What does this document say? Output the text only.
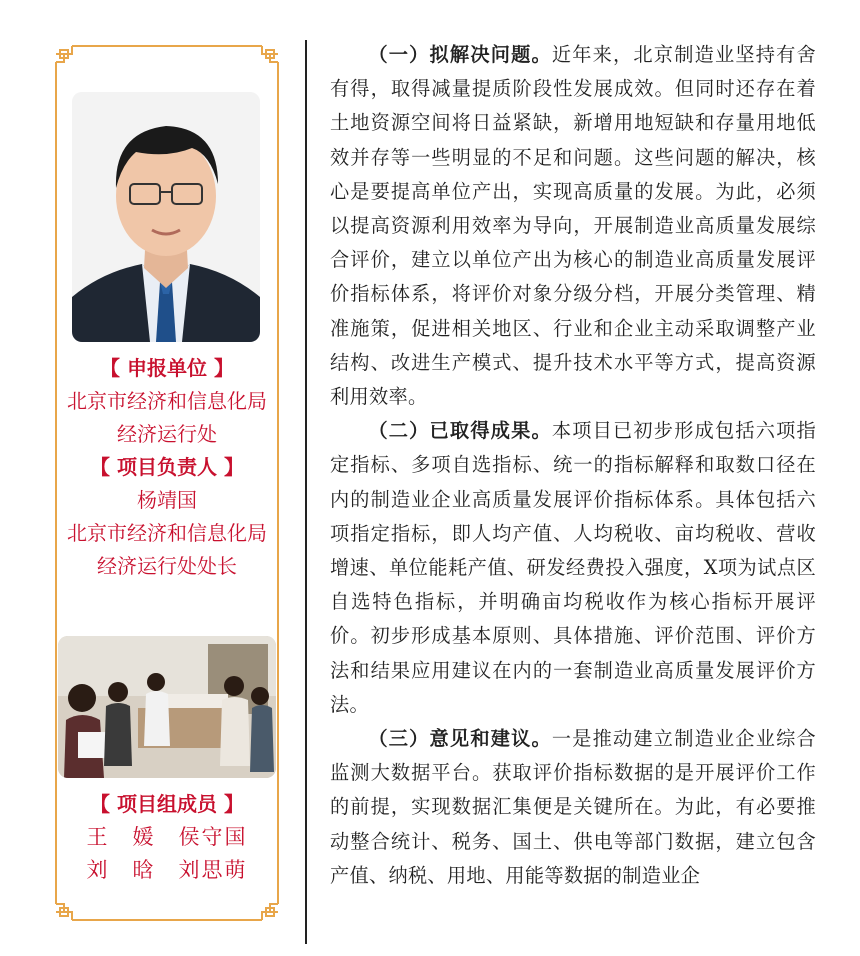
【 申报单位 】
北京市经济和信息化局
经济运行处
【 项目负责人 】
杨靖国
北京市经济和信息化局
经济运行处处长
【 项目组成员 】
王　媛　侯守国
刘　晗　刘思萌

（一）拟解决问题。近年来，北京制造业坚持有舍有得，取得减量提质阶段性发展成效。但同时还存在着土地资源空间将日益紧缺，新增用地短缺和存量用地低效并存等一些明显的不足和问题。这些问题的解决，核心是要提高单位产出，实现高质量的发展。为此，必须以提高资源利用效率为导向，开展制造业高质量发展综合评价，建立以单位产出为核心的制造业高质量发展评价指标体系，将评价对象分级分档，开展分类管理、精准施策，促进相关地区、行业和企业主动采取调整产业结构、改进生产模式、提升技术水平等方式，提高资源利用效率。

（二）已取得成果。本项目已初步形成包括六项指定指标、多项自选指标、统一的指标解释和取数口径在内的制造业企业高质量发展评价指标体系。具体包括六项指定指标，即人均产值、人均税收、亩均税收、营收增速、单位能耗产值、研发经费投入强度，X项为试点区自选特色指标，并明确亩均税收作为核心指标开展评价。初步形成基本原则、具体措施、评价范围、评价方法和结果应用建议在内的一套制造业高质量发展评价方法。

（三）意见和建议。一是推动建立制造业企业综合监测大数据平台。获取评价指标数据的是开展评价工作的前提，实现数据汇集便是关键所在。为此，有必要推动整合统计、税务、国土、供电等部门数据，建立包含产值、纳税、用地、用能等数据的制造业企
